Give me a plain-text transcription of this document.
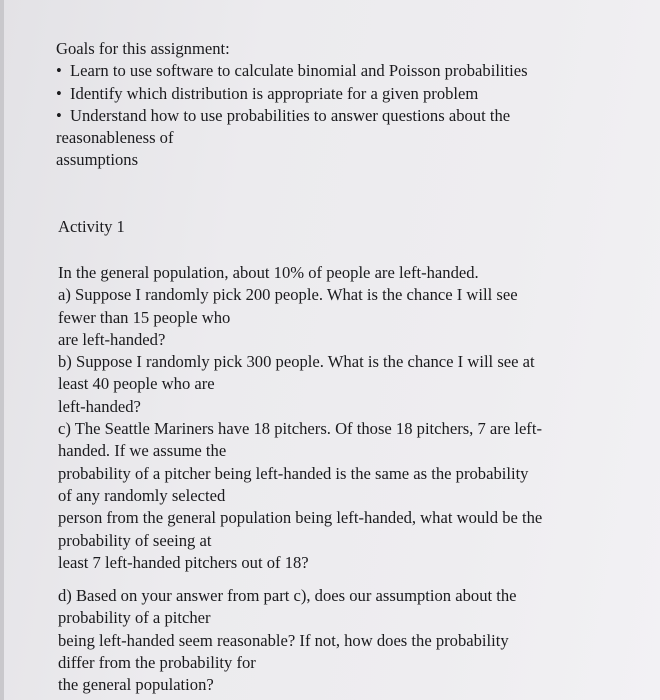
Goals for this assignment:
• Learn to use software to calculate binomial and Poisson probabilities
• Identify which distribution is appropriate for a given problem
• Understand how to use probabilities to answer questions about the
reasonableness of
assumptions
Activity 1
In the general population, about 10% of people are left-handed.
a) Suppose I randomly pick 200 people. What is the chance I will see
fewer than 15 people who
are left-handed?
b) Suppose I randomly pick 300 people. What is the chance I will see at
least 40 people who are
left-handed?
c) The Seattle Mariners have 18 pitchers. Of those 18 pitchers, 7 are left-
handed. If we assume the
probability of a pitcher being left-handed is the same as the probability
of any randomly selected
person from the general population being left-handed, what would be the
probability of seeing at
least 7 left-handed pitchers out of 18?
d) Based on your answer from part c), does our assumption about the
probability of a pitcher
being left-handed seem reasonable? If not, how does the probability
differ from the probability for
the general population?
